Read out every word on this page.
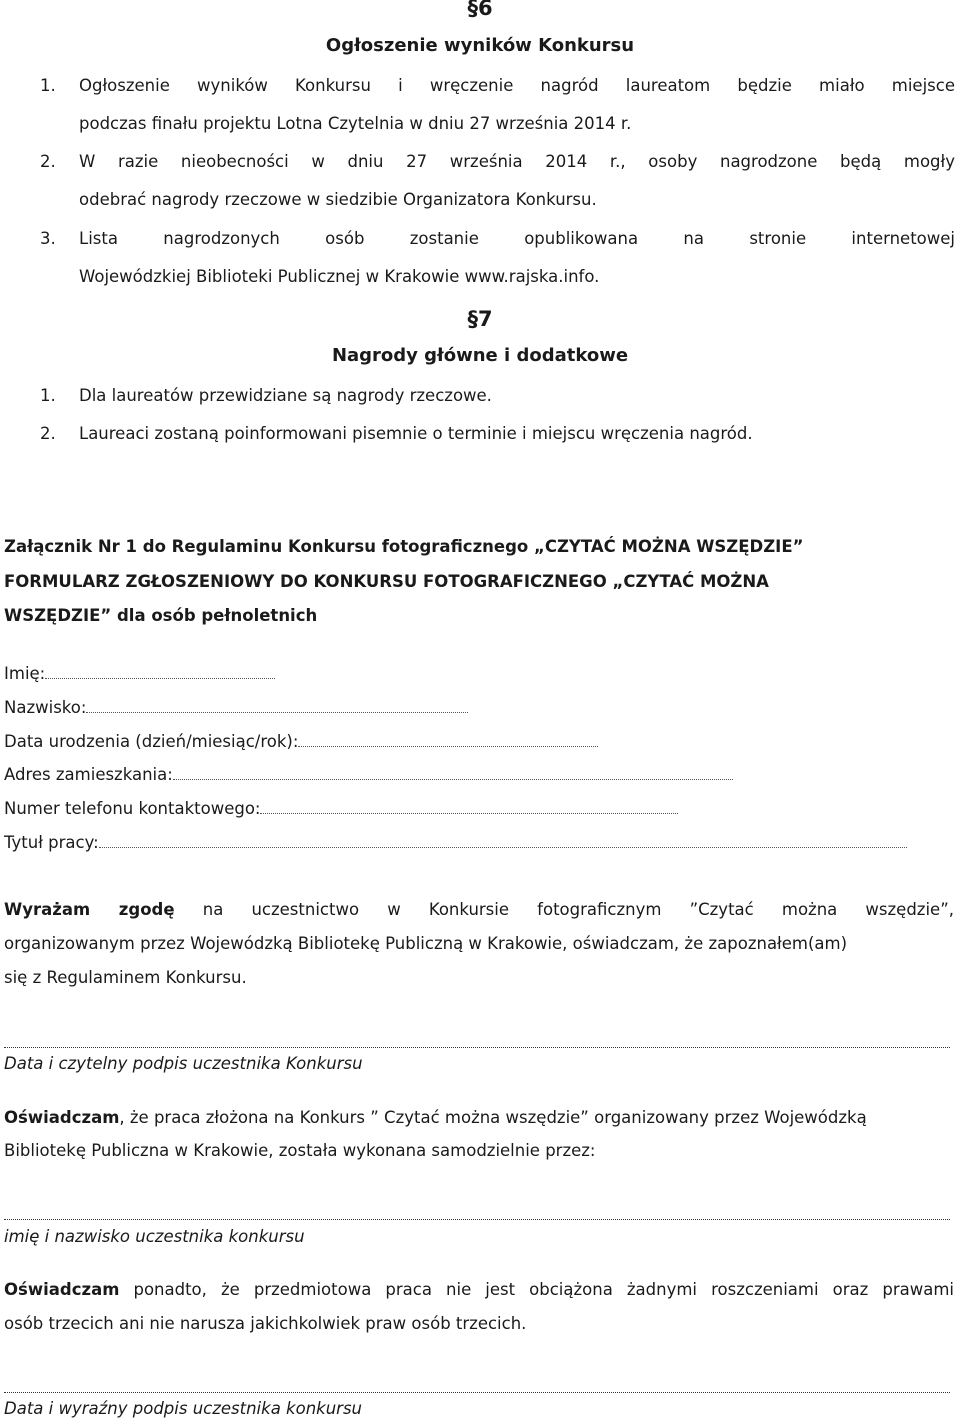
§6
Ogłoszenie wyników Konkursu
1. Ogłoszenie wyników Konkursu i wręczenie nagród laureatom będzie miało miejsce
podczas finału projektu Lotna Czytelnia w dniu 27 września 2014 r.
2. W razie nieobecności w dniu 27 września 2014 r., osoby nagrodzone będą mogły
odebrać nagrody rzeczowe w siedzibie Organizatora Konkursu.
3. Lista nagrodzonych osób zostanie opublikowana na stronie internetowej
Wojewódzkiej Biblioteki Publicznej w Krakowie www.rajska.info.
§7
Nagrody główne i dodatkowe
1. Dla laureatów przewidziane są nagrody rzeczowe.
2. Laureaci zostaną poinformowani pisemnie o terminie i miejscu wręczenia nagród.
Załącznik Nr 1 do Regulaminu Konkursu fotograficznego „CZYTAĆ MOŻNA WSZĘDZIE”
FORMULARZ ZGŁOSZENIOWY DO KONKURSU FOTOGRAFICZNEGO „CZYTAĆ MOŻNA
WSZĘDZIE” dla osób pełnoletnich
Imię:
Nazwisko:
Data urodzenia (dzień/miesiąc/rok):
Adres zamieszkania:
Numer telefonu kontaktowego:
Tytuł pracy:
Wyrażam zgodę na uczestnictwo w Konkursie fotograficznym ”Czytać można wszędzie”,
organizowanym przez Wojewódzką Bibliotekę Publiczną w Krakowie, oświadczam, że zapoznałem(am)
się z Regulaminem Konkursu.
Data i czytelny podpis uczestnika Konkursu
Oświadczam, że praca złożona na Konkurs ” Czytać można wszędzie” organizowany przez Wojewódzką
Bibliotekę Publiczna w Krakowie, została wykonana samodzielnie przez:
imię i nazwisko uczestnika konkursu
Oświadczam ponadto, że przedmiotowa praca nie jest obciążona żadnymi roszczeniami oraz prawami
osób trzecich ani nie narusza jakichkolwiek praw osób trzecich.
Data i wyraźny podpis uczestnika konkursu
